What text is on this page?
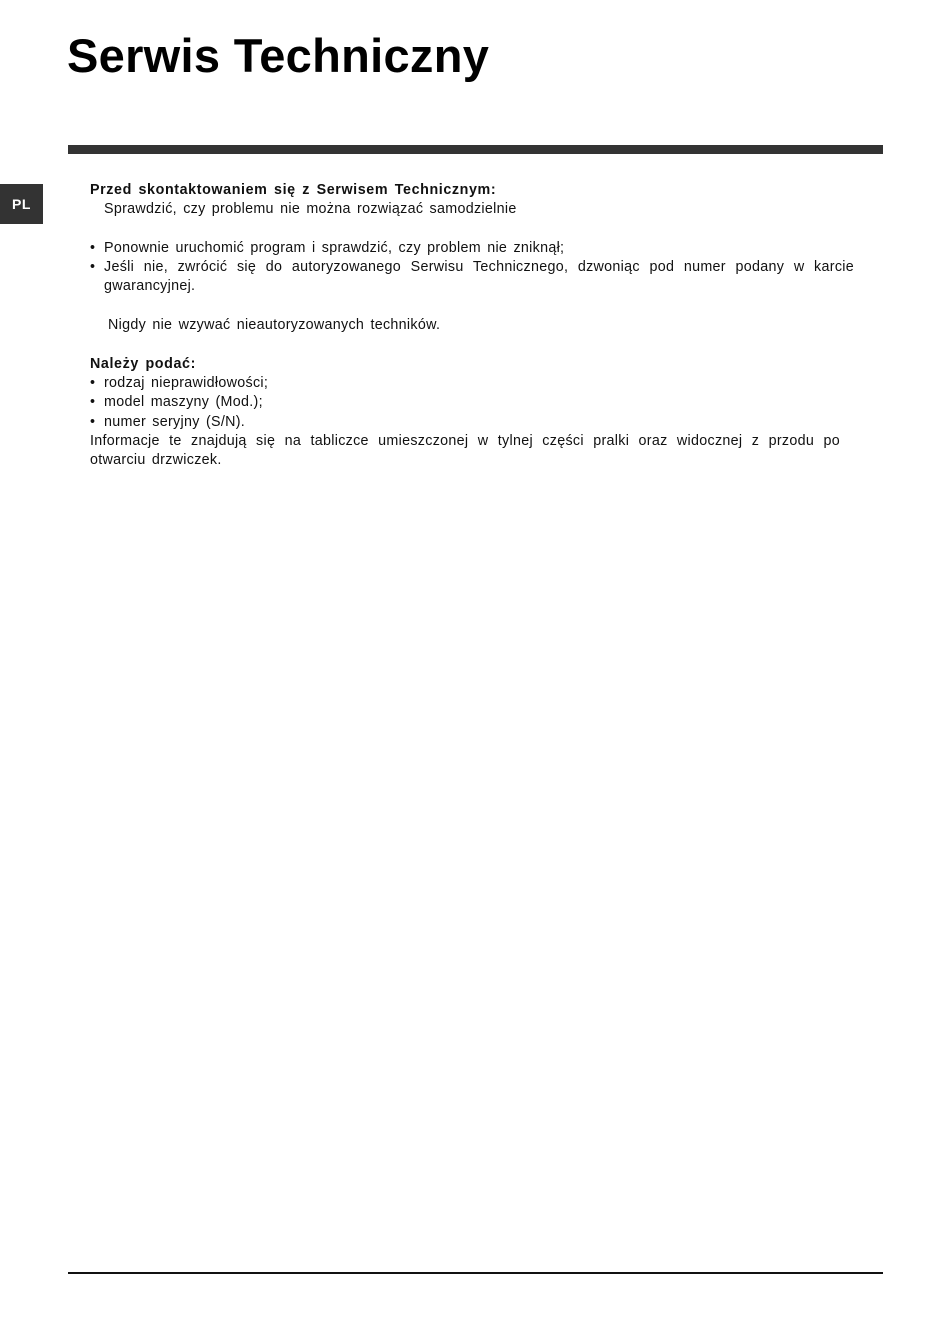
Serwis Techniczny
PL

Przed skontaktowaniem się z Serwisem Technicznym:

Sprawdzić, czy problemu nie można rozwiązać samodzielnie

• Ponownie uruchomić program i sprawdzić, czy problem nie zniknął;
• Jeśli nie, zwrócić się do autoryzowanego Serwisu Technicznego, dzwoniąc pod numer podany w karcie gwarancyjnej.

Nigdy nie wzywać nieautoryzowanych techników.

Należy podać:

• rodzaj nieprawidłowości;
• model maszyny (Mod.);
• numer seryjny (S/N).

Informacje te znajdują się na tabliczce umieszczonej w tylnej części pralki oraz widocznej z przodu po otwarciu drzwiczek.
